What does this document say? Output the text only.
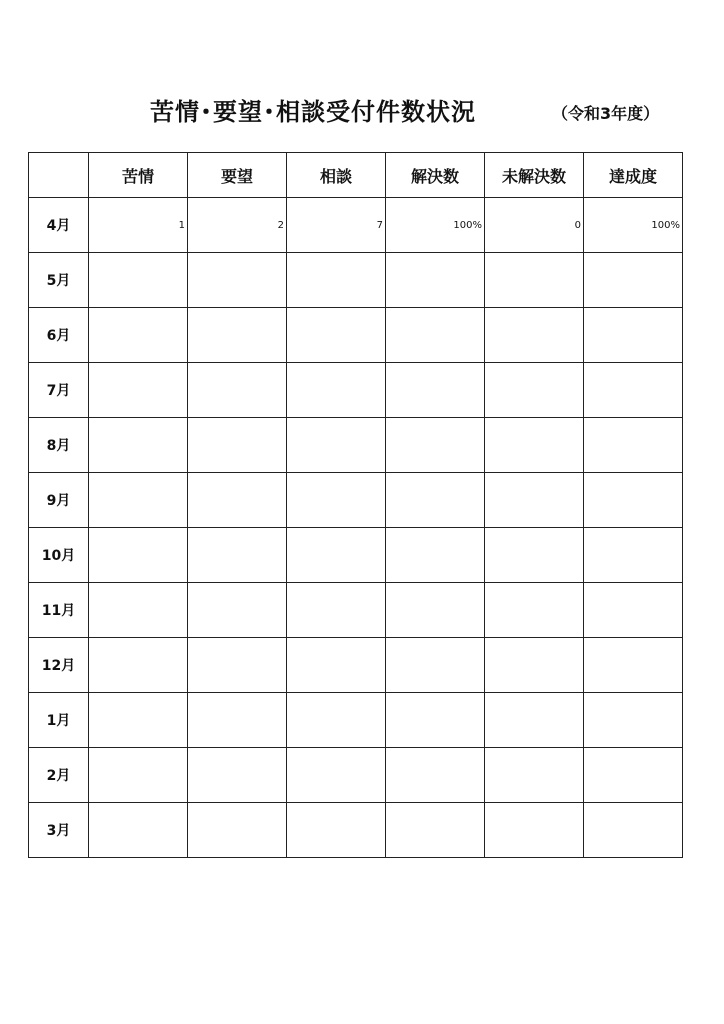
苦情･要望･相談受付件数状況	（令和3年度）
	苦情	要望	相談	解決数	未解決数	達成度
4月	1	2	7	100%	0	100%
5月						
6月						
7月						
8月						
9月						
10月						
11月						
12月						
1月						
2月						
3月						
